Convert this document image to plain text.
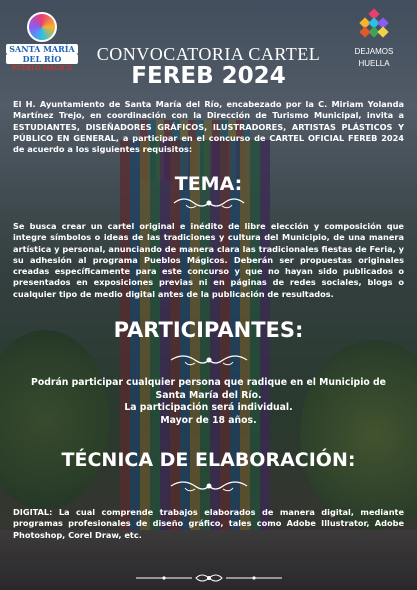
SANTA MARÍA
DEL RÍO
PUEBLO MÁGICO
DEJAMOS
HUELLA
CONVOCATORIA CARTEL
FEREB 2024
El H. Ayuntamiento de Santa María del Río, encabezado por la C. Miriam Yolanda Martínez Trejo, en coordinación con la Dirección de Turismo Municipal, invita a ESTUDIANTES, DISEÑADORES GRÁFICOS, ILUSTRADORES, ARTISTAS PLÁSTICOS Y PÚBLICO EN GENERAL, a participar en el concurso de CARTEL OFICIAL FEREB 2024 de acuerdo a los siguientes requisitos:
TEMA:
Se busca crear un cartel original e inédito de libre elección y composición que integre símbolos o ideas de las tradiciones y cultura del Municipio, de una manera artística y personal, anunciando de manera clara las tradicionales fiestas de Feria, y su adhesión al programa Pueblos Mágicos. Deberán ser propuestas originales creadas específicamente para este concurso y que no hayan sido publicados o presentados en exposiciones previas ni en páginas de redes sociales, blogs o cualquier tipo de medio digital antes de la publicación de resultados.
PARTICIPANTES:
Podrán participar cualquier persona que radique en el Municipio de
Santa María del Río.
La participación será individual.
Mayor de 18 años.
TÉCNICA DE ELABORACIÓN:
DIGITAL: La cual comprende trabajos elaborados de manera digital, mediante programas profesionales de diseño gráfico, tales como Adobe Illustrator, Adobe Photoshop, Corel Draw, etc.
